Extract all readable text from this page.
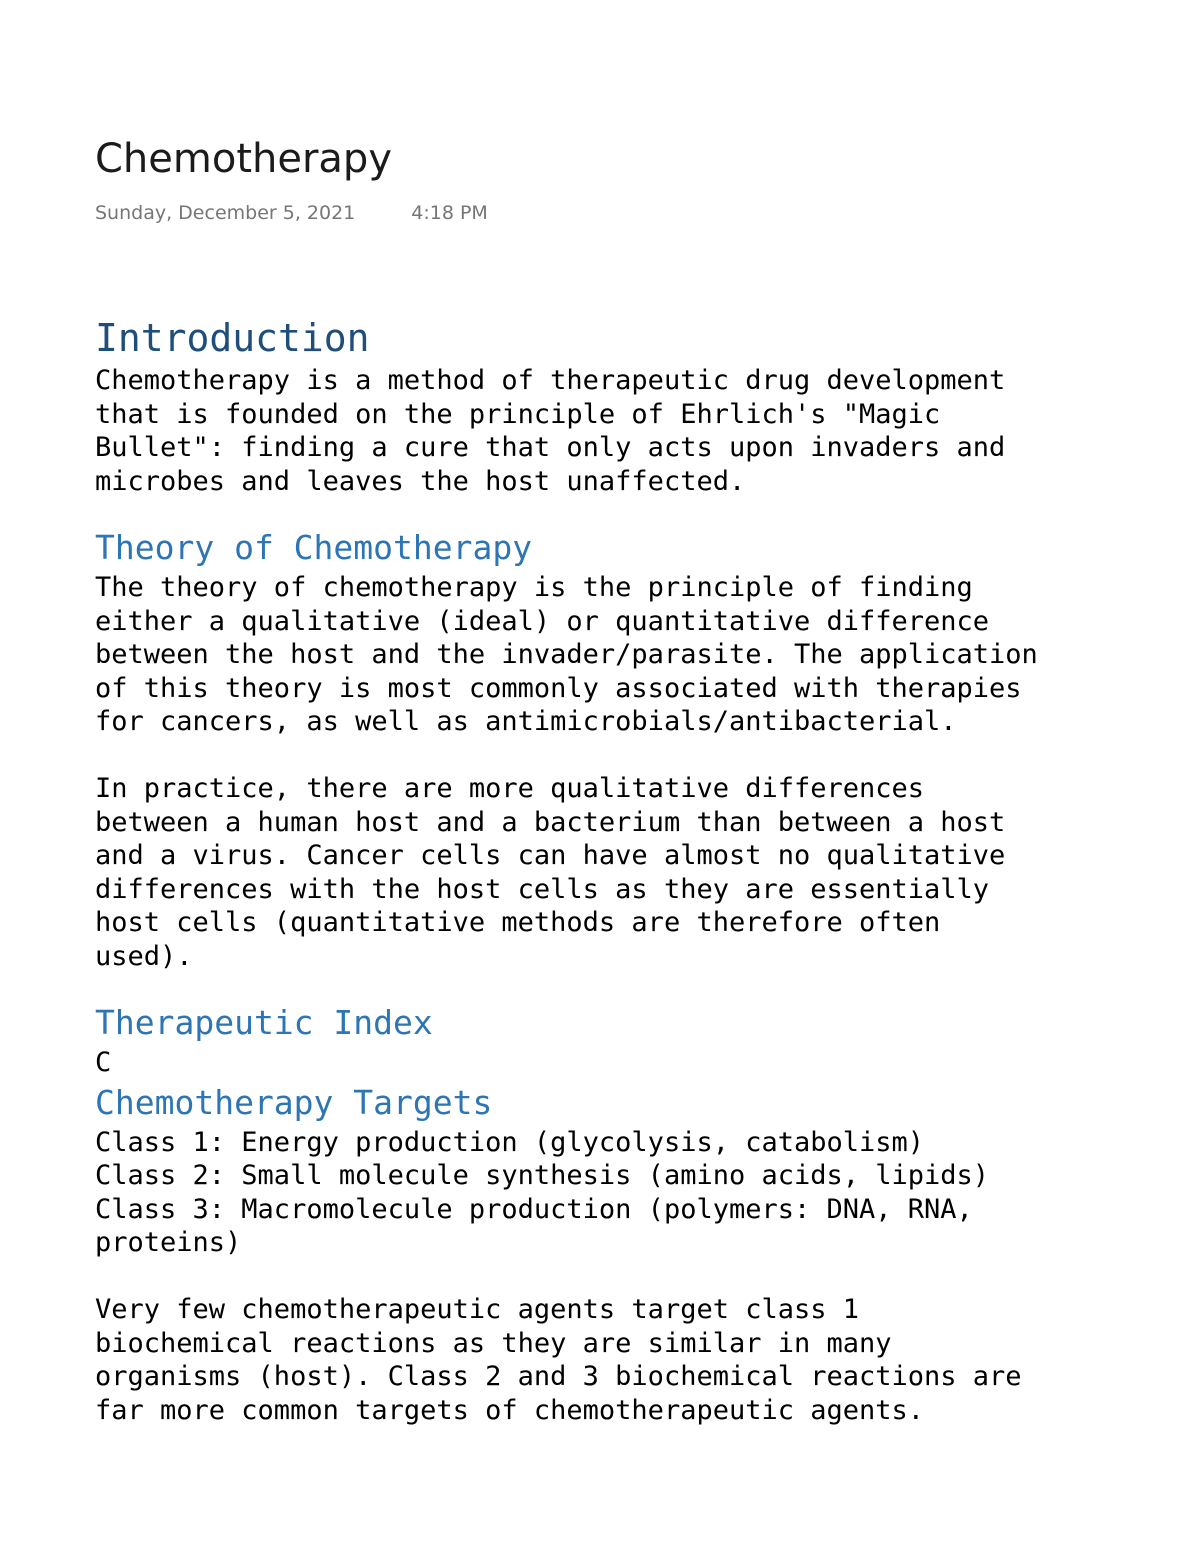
Chemotherapy
Sunday, December 5, 2021	4:18 PM
Introduction
Chemotherapy is a method of therapeutic drug development
that is founded on the principle of Ehrlich's "Magic
Bullet": finding a cure that only acts upon invaders and
microbes and leaves the host unaffected.
Theory of Chemotherapy
The theory of chemotherapy is the principle of finding
either a qualitative (ideal) or quantitative difference
between the host and the invader/parasite. The application
of this theory is most commonly associated with therapies
for cancers, as well as antimicrobials/antibacterial.
In practice, there are more qualitative differences
between a human host and a bacterium than between a host
and a virus. Cancer cells can have almost no qualitative
differences with the host cells as they are essentially
host cells (quantitative methods are therefore often
used).
Therapeutic Index
C
Chemotherapy Targets
Class 1: Energy production (glycolysis, catabolism)
Class 2: Small molecule synthesis (amino acids, lipids)
Class 3: Macromolecule production (polymers: DNA, RNA,
proteins)
Very few chemotherapeutic agents target class 1
biochemical reactions as they are similar in many
organisms (host). Class 2 and 3 biochemical reactions are
far more common targets of chemotherapeutic agents.
